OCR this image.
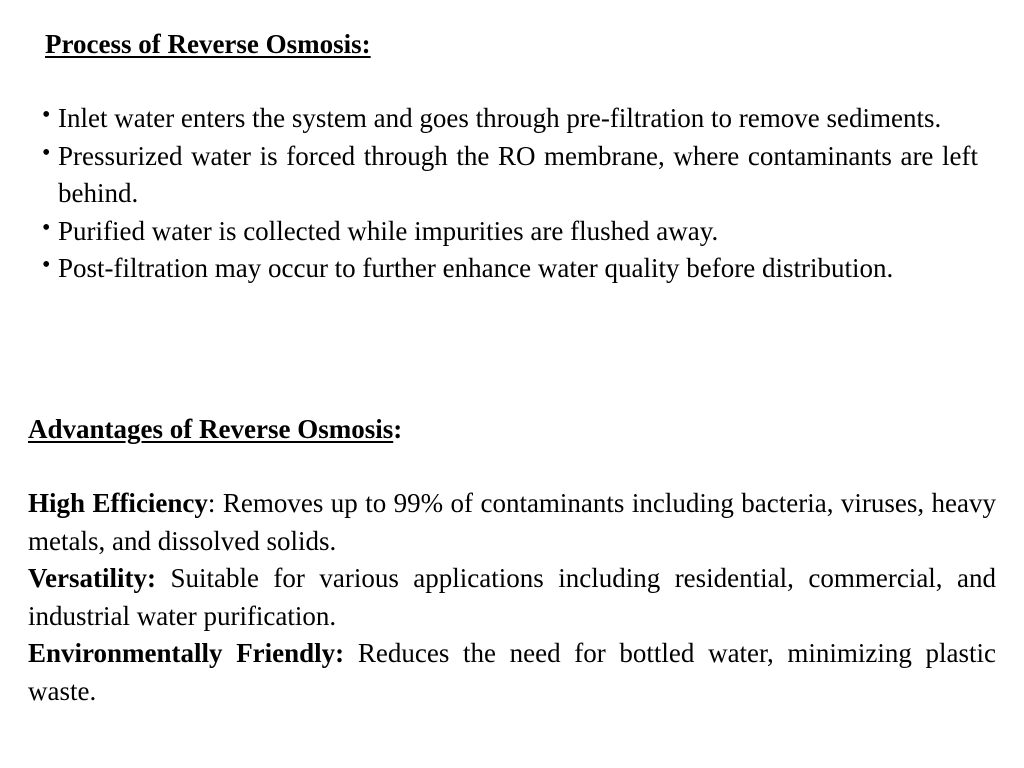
Process of Reverse Osmosis:
• Inlet water enters the system and goes through pre-filtration to remove sediments.
• Pressurized water is forced through the RO membrane, where contaminants are left behind.
• Purified water is collected while impurities are flushed away.
• Post-filtration may occur to further enhance water quality before distribution.
Advantages of Reverse Osmosis:

High Efficiency: Removes up to 99% of contaminants including bacteria, viruses, heavy metals, and dissolved solids.

Versatility: Suitable for various applications including residential, commercial, and industrial water purification.

Environmentally Friendly: Reduces the need for bottled water, minimizing plastic waste.
